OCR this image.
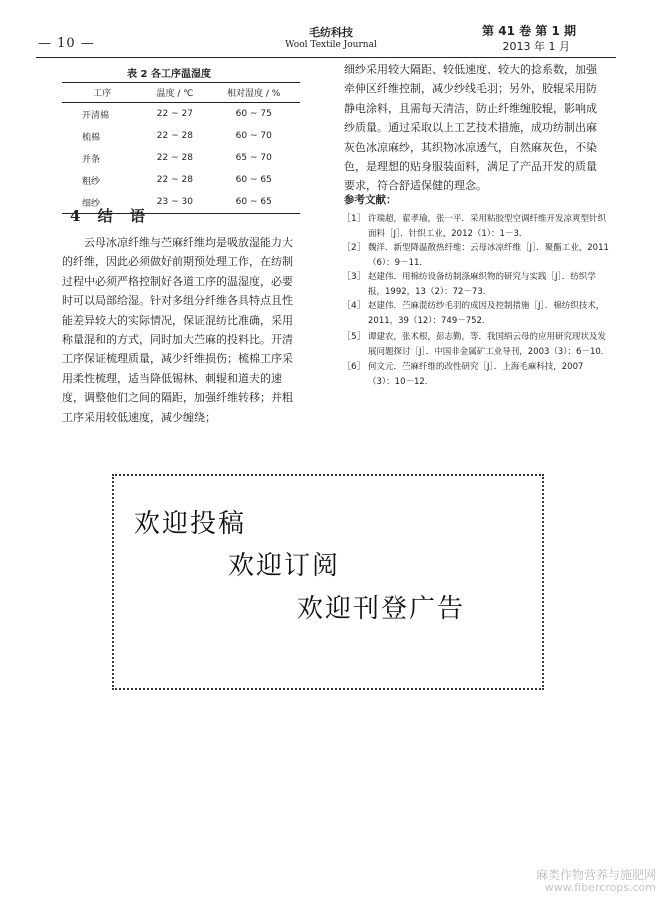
— 10 —
毛纺科技
Wool Textile Journal
第 41 卷 第 1 期
2013 年 1 月
表 2 各工序温湿度
工序	温度 / ℃	相对湿度 / %
开清棉	22 ~ 27	60 ~ 75
梳棉	22 ~ 28	60 ~ 70
并条	22 ~ 28	65 ~ 70
粗纱	22 ~ 28	60 ~ 65
细纱	23 ~ 30	60 ~ 65
4 结 语

云母冰凉纤维与苎麻纤维均是吸放湿能力大的纤维，因此必须做好前期预处理工作，在纺制过程中必须严格控制好各道工序的温湿度，必要时可以局部给湿。针对多组分纤维各具特点且性能差异较大的实际情况，保证混纺比准确，采用称量混和的方式，同时加大苎麻的投料比。开清工序保证梳理质量，减少纤维损伤；梳棉工序采用柔性梳理，适当降低锡林、刺辊和道夫的速度，调整他们之间的隔距，加强纤维转移；并粗工序采用较低速度，减少缠绕；

细纱采用较大隔距、较低速度、较大的捻系数，加强牵伸区纤维控制，减少纱线毛羽；另外，胶辊采用防静电涂料，且需每天清洁，防止纤维缠胶辊，影响成纱质量。通过采取以上工艺技术措施，成功纺制出麻灰色冰凉麻纱，其织物冰凉透气，自然麻灰色，不染色，是理想的贴身服装面料，满足了产品开发的质量要求，符合舒适保健的理念。

参考文献：
［1］ 许瑞超，翟孝瑜，张一平．采用粘胶型空调纤维开发凉爽型针织面料［J］．针织工业，2012（1）：1－3．
［2］ 魏洋．新型降温散热纤维：云母冰凉纤维［J］．聚酯工业，2011（6）：9－11．
［3］ 赵建伟．用棉纺设备纺制涤麻织物的研究与实践［J］．纺织学报，1992，13（2）：72－73．
［4］ 赵建伟．苎麻混纺纱毛羽的成因及控制措施［J］．棉纺织技术，2011，39（12）：749－752．
［5］ 谭建农，张术根，彭志勤，等．我国绢云母的应用研究现状及发展问题探讨［J］．中国非金属矿工业导刊，2003（3）：6－10．
［6］ 何文元．苎麻纤维的改性研究［J］．上海毛麻科技，2007（3）：10－12．
欢迎投稿
欢迎订阅
欢迎刊登广告
麻类作物营养与施肥网
www.fibercrops.com
